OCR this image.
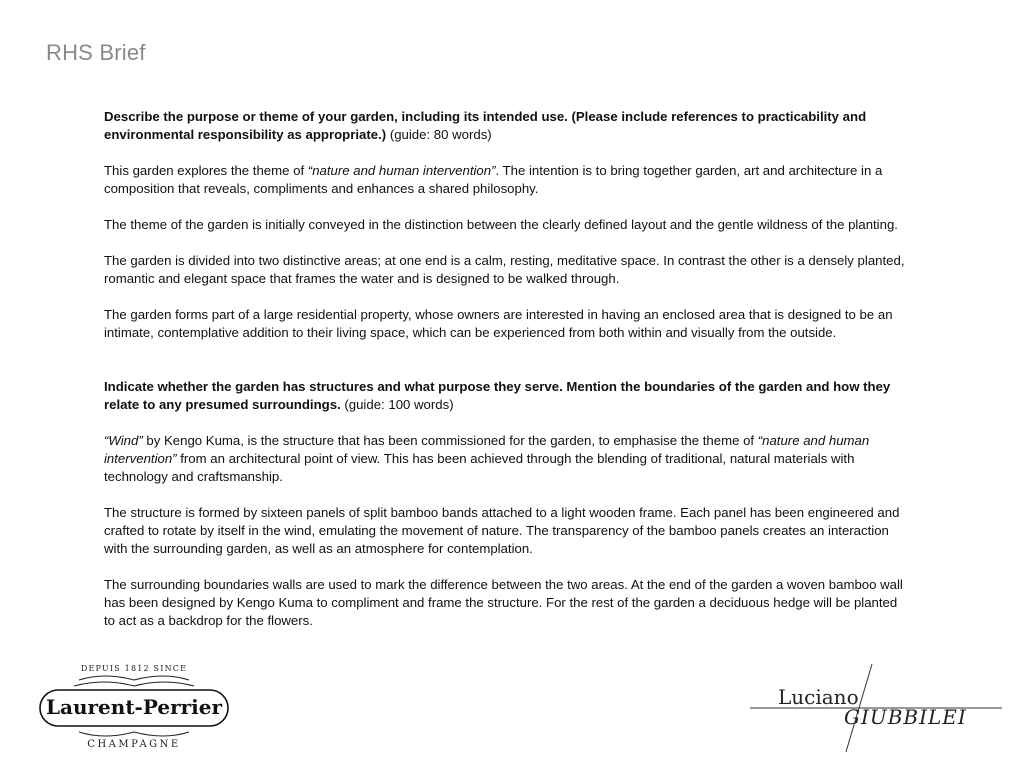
RHS Brief

Describe the purpose or theme of your garden, including its intended use. (Please include references to practicability and environmental responsibility as appropriate.) (guide: 80 words)

This garden explores the theme of “nature and human intervention”. The intention is to bring together garden, art and architecture in a composition that reveals, compliments and enhances a shared philosophy.

The theme of the garden is initially conveyed in the distinction between the clearly defined layout and the gentle wildness of the planting.

The garden is divided into two distinctive areas; at one end is a calm, resting, meditative space. In contrast the other is a densely planted, romantic and elegant space that frames the water and is designed to be walked through.

The garden forms part of a large residential property, whose owners are interested in having an enclosed area that is designed to be an intimate, contemplative addition to their living space, which can be experienced from both within and visually from the outside.

Indicate whether the garden has structures and what purpose they serve. Mention the boundaries of the garden and how they relate to any presumed surroundings. (guide: 100 words)

“Wind” by Kengo Kuma, is the structure that has been commissioned for the garden, to emphasise the theme of “nature and human intervention” from an architectural point of view. This has been achieved through the blending of traditional, natural materials with technology and craftsmanship.

The structure is formed by sixteen panels of split bamboo bands attached to a light wooden frame. Each panel has been engineered and crafted to rotate by itself in the wind, emulating the movement of nature. The transparency of the bamboo panels creates an interaction with the surrounding garden, as well as an atmosphere for contemplation.

The surrounding boundaries walls are used to mark the difference between the two areas. At the end of the garden a woven bamboo wall has been designed by Kengo Kuma to compliment and frame the structure. For the rest of the garden a deciduous hedge will be planted to act as a backdrop for the flowers.

DEPUIS 1812 SINCE
Laurent-Perrier
CHAMPAGNE
Luciano
GIUBBILEI
